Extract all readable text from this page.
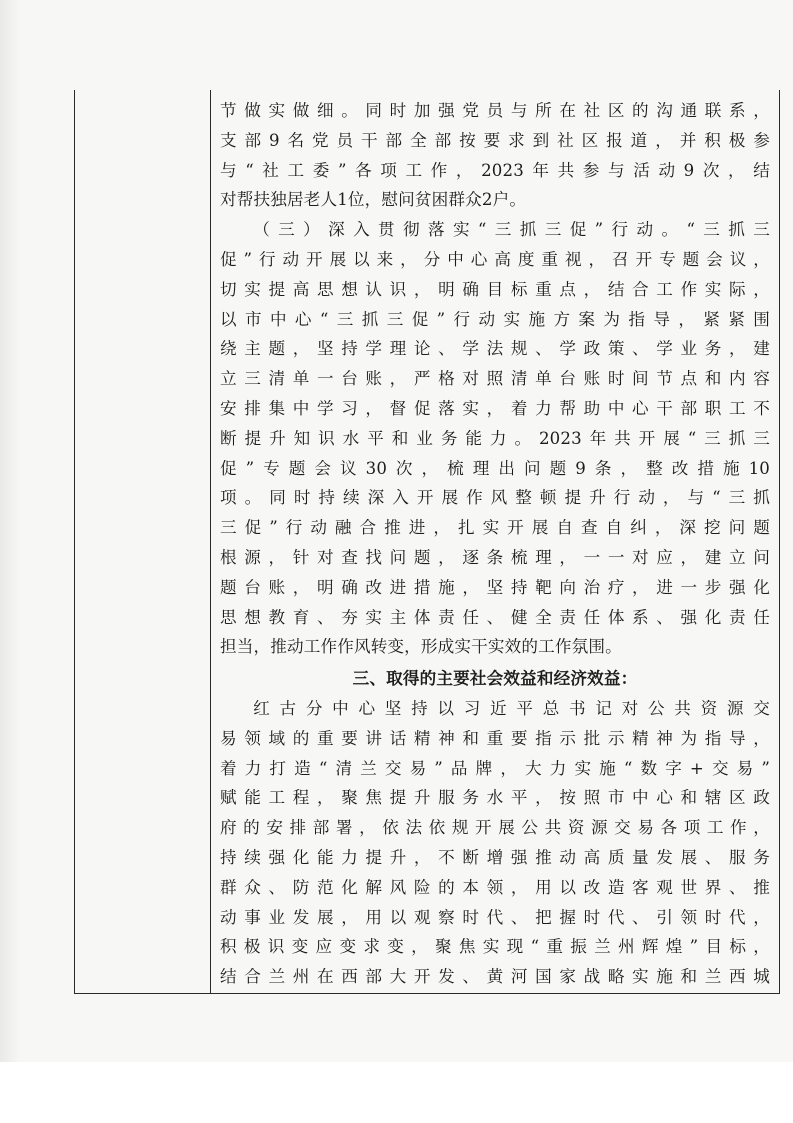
节做实做细。同时加强党员与所在社区的沟通联系，

支部9名党员干部全部按要求到社区报道，并积极参

与“社工委”各项工作，2023年共参与活动9次，结

对帮扶独居老人1位，慰问贫困群众2户。

（三）深入贯彻落实“三抓三促”行动。“三抓三

促”行动开展以来，分中心高度重视，召开专题会议，

切实提高思想认识，明确目标重点，结合工作实际，

以市中心“三抓三促”行动实施方案为指导，紧紧围

绕主题，坚持学理论、学法规、学政策、学业务，建

立三清单一台账，严格对照清单台账时间节点和内容

安排集中学习，督促落实，着力帮助中心干部职工不

断提升知识水平和业务能力。2023年共开展“三抓三

促”专题会议30次，梳理出问题9条，整改措施10

项。同时持续深入开展作风整顿提升行动，与“三抓

三促”行动融合推进，扎实开展自查自纠，深挖问题

根源，针对查找问题，逐条梳理，一一对应，建立问

题台账，明确改进措施，坚持靶向治疗，进一步强化

思想教育、夯实主体责任、健全责任体系、强化责任

担当，推动工作作风转变，形成实干实效的工作氛围。

三、取得的主要社会效益和经济效益：

红古分中心坚持以习近平总书记对公共资源交

易领域的重要讲话精神和重要指示批示精神为指导，

着力打造“清兰交易”品牌，大力实施“数字+交易”

赋能工程，聚焦提升服务水平，按照市中心和辖区政

府的安排部署，依法依规开展公共资源交易各项工作，

持续强化能力提升，不断增强推动高质量发展、服务

群众、防范化解风险的本领，用以改造客观世界、推

动事业发展，用以观察时代、把握时代、引领时代，

积极识变应变求变，聚焦实现“重振兰州辉煌”目标，

结合兰州在西部大开发、黄河国家战略实施和兰西城
